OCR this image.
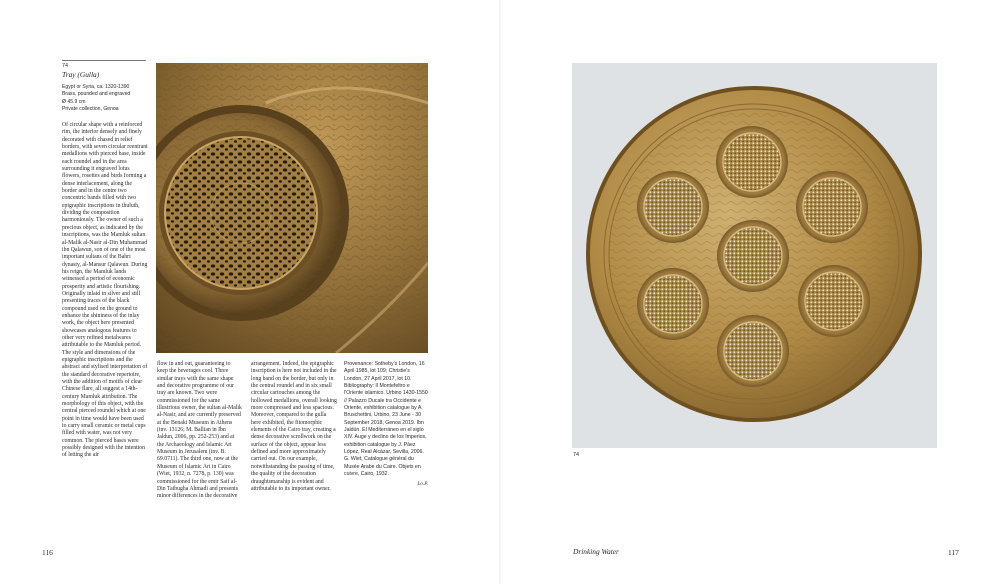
74
Tray (Gulla)
Egypt or Syria, ca. 1320-1390
Brass, pounded and engraved
Ø 45.9 cm
Private collection, Genoa

Of circular shape with a reinforced rim, the interior densely and finely decorated with chased in relief borders, with seven circular reentrant medallions with pierced base, inside each roundel and in the area surrounding it engraved lotus flowers, rosettes and birds forming a dense interlacement, along the border and in the centre two concentric bands filled with two epigraphic inscriptions in thuluth, dividing the composition harmoniously. The owner of such a precious object, as indicated by the inscriptions, was the Mamluk sultan al-Malik al-Nasir al-Din Muhammad ibn Qalawun, son of one of the most important sultans of the Bahri dynasty, al-Mansur Qalawun. During his reign, the Mamluk lands witnessed a period of economic prosperity and artistic flourishing. Originally inlaid in silver and still presenting traces of the black compound used on the ground to enhance the shininess of the inlay work, the object here presented showcases analogous features to other very refined metalwares attributable to the Mamluk period. The style and dimensions of the epigraphic inscriptions and the abstract and stylised interpretation of the standard decorative repertoire, with the addition of motifs of clear Chinese flare, all suggest a 14th-century Mamluk attribution. The morphology of this object, with the central pierced roundel which at one point in time would have been used to carry small ceramic or metal cups filled with water, was not very common. The pierced bases were possibly designed with the intention of letting the air

flow in and out, guaranteeing to keep the beverages cool. Three similar trays with the same shape and decorative programme of our tray are known. Two were commissioned for the same illustrious owner, the sultan al-Malik al-Nasir, and are currently preserved at the Benaki Museum in Athens (inv. 13126; M. Ballian in Ibn Jaldun, 2006, pp. 252-253) and at the Archaeology and Islamic Art Museum in Jerusalem (inv. B. 69.0711). The third one, now at the Museum of Islamic Art in Cairo (Wiet, 1932, n. 7278, p. 130) was commissioned for the emir Saif al-Din Taibugha Ahmadi and presents minor differences in the decorative

arrangement. Indeed, the epigraphic inscription is here not included in the long band on the border, but only in the central roundel and in six small circular cartouches among the hollowed medallions, overall looking more compressed and less spacious. Moreover, compared to the gulla here exhibited, the fitomorphic elements of the Cairo tray, creating a dense decorative scrollwork on the surface of the object, appear less defined and more approximately carried out. On our example, notwithstanding the passing of time, the quality of the decoration draughtsmanship is evident and attributable to its important owner.

Provenance: Sotheby's London, 16 April 1985, lot 109; Christie's London, 27 April 2017, lot 10.

Bibliography: Il Montefeltro e l'Oriente islamico. Urbino 1430-1550 // Palazzo Ducale tra Occidente e Oriente, exhibition catalogue by A. Bruschettini, Urbino, 23 June - 30 September 2018, Genoa 2019. Ibn Jaldún. El Mediterráneo en el siglo XIV. Auge y declino de los Imperios, exhibition catalogue by J. Páez López, Real Alcázar, Sevilla, 2006. G. Wiet, Catalogue général du Musée Arabe du Caire. Objets en cuivre, Cairo, 1932.

Lo.P.
74
116	Drinking Water	117
